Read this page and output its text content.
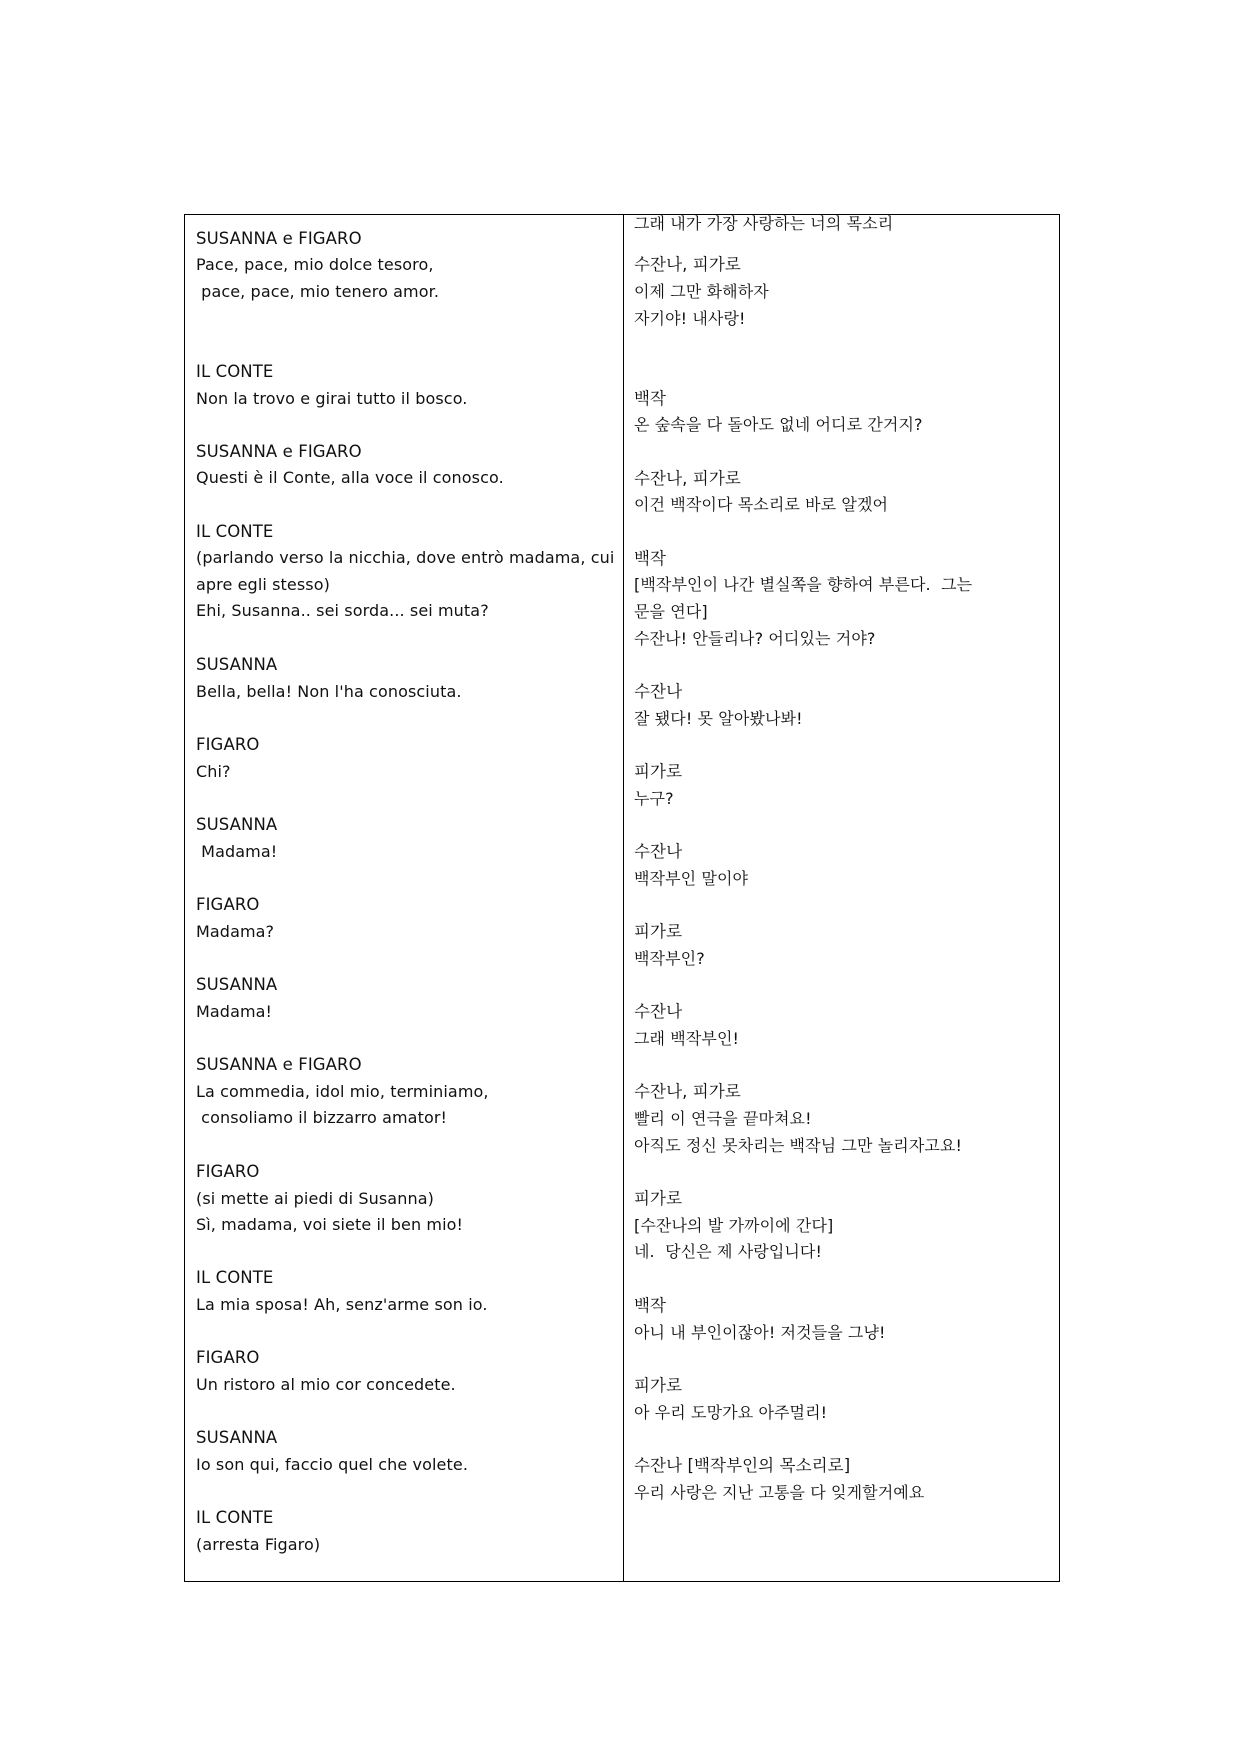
SUSANNA e FIGARO
Pace, pace, mio dolce tesoro,
pace, pace, mio tenero amor.
IL CONTE
Non la trovo e girai tutto il bosco.
SUSANNA e FIGARO
Questi è il Conte, alla voce il conosco.
IL CONTE
(parlando verso la nicchia, dove entrò madama, cui
apre egli stesso)
Ehi, Susanna.. sei sorda... sei muta?
SUSANNA
Bella, bella! Non l'ha conosciuta.
FIGARO
Chi?
SUSANNA
Madama!
FIGARO
Madama?
SUSANNA
Madama!
SUSANNA e FIGARO
La commedia, idol mio, terminiamo,
consoliamo il bizzarro amator!
FIGARO
(si mette ai piedi di Susanna)
Sì, madama, voi siete il ben mio!
IL CONTE
La mia sposa! Ah, senz'arme son io.
FIGARO
Un ristoro al mio cor concedete.
SUSANNA
Io son qui, faccio quel che volete.
IL CONTE
(arresta Figaro)
그래 내가 가장 사랑하는 너의 목소리
수잔나, 피가로
이제 그만 화해하자
자기야! 내사랑!
백작
온 숲속을 다 돌아도 없네 어디로 간거지?
수잔나, 피가로
이건 백작이다 목소리로 바로 알겠어
백작
[백작부인이 나간 별실쪽을 향하여 부른다.  그는
문을 연다]
수잔나! 안들리나? 어디있는 거야?
수잔나
잘 됐다! 못 알아봤나봐!
피가로
누구?
수잔나
백작부인 말이야
피가로
백작부인?
수잔나
그래 백작부인!
수잔나, 피가로
빨리 이 연극을 끝마쳐요!
아직도 정신 못차리는 백작님 그만 놀리자고요!
피가로
[수잔나의 발 가까이에 간다]
네.  당신은 제 사랑입니다!
백작
아니 내 부인이잖아! 저것들을 그냥!
피가로
아 우리 도망가요 아주멀리!
수잔나 [백작부인의 목소리로]
우리 사랑은 지난 고통을 다 잊게할거예요
